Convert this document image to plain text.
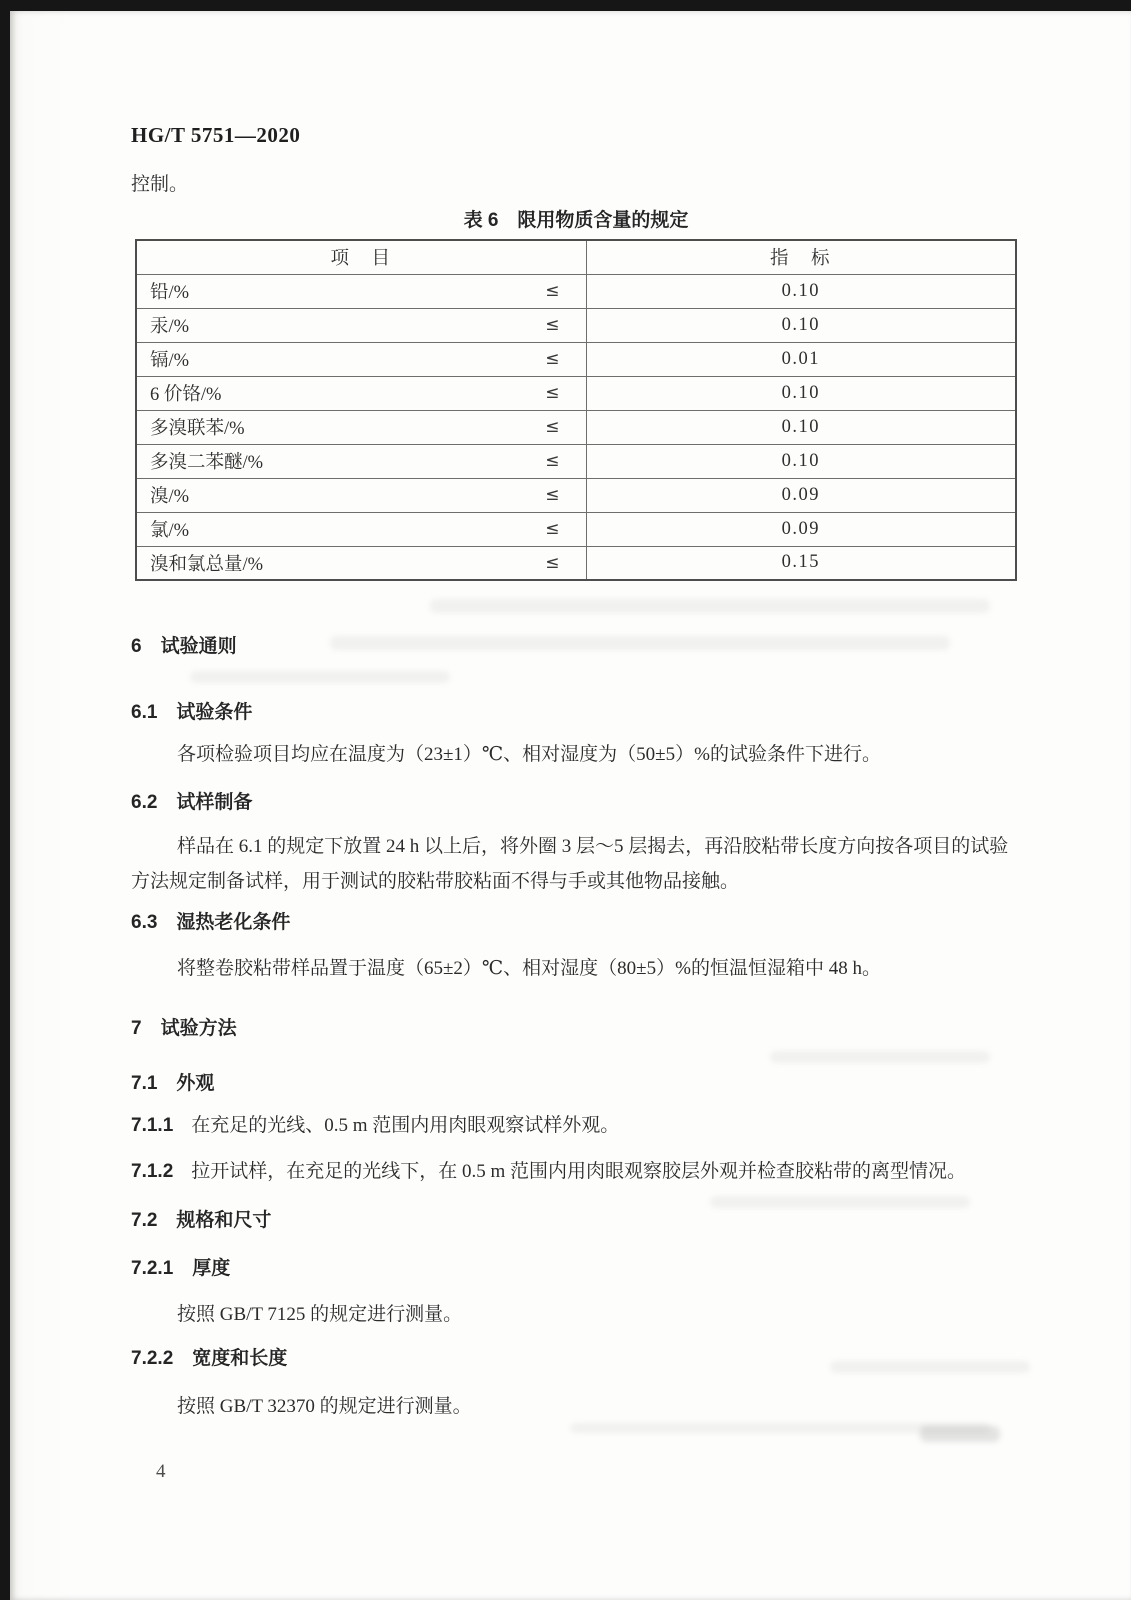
HG/T 5751—2020
控制。
表 6　限用物质含量的规定
项　目	指　标

铅/% ≤	0.10

汞/% ≤	0.10

镉/% ≤	0.01

6 价铬/% ≤	0.10

多溴联苯/% ≤	0.10

多溴二苯醚/% ≤	0.10

溴/% ≤	0.09

氯/% ≤	0.09

溴和氯总量/% ≤	0.15
6　试验通则
6.1　试验条件
各项检验项目均应在温度为（23±1）℃、相对湿度为（50±5）%的试验条件下进行。
6.2　试样制备
样品在 6.1 的规定下放置 24 h 以上后，将外圈 3 层～5 层揭去，再沿胶粘带长度方向按各项目的试验方法规定制备试样，用于测试的胶粘带胶粘面不得与手或其他物品接触。
6.3　湿热老化条件
将整卷胶粘带样品置于温度（65±2）℃、相对湿度（80±5）%的恒温恒湿箱中 48 h。
7　试验方法
7.1　外观
7.1.1 在充足的光线、0.5 m 范围内用肉眼观察试样外观。
7.1.2 拉开试样，在充足的光线下，在 0.5 m 范围内用肉眼观察胶层外观并检查胶粘带的离型情况。
7.2　规格和尺寸
7.2.1　厚度
按照 GB/T 7125 的规定进行测量。
7.2.2　宽度和长度
按照 GB/T 32370 的规定进行测量。
4
